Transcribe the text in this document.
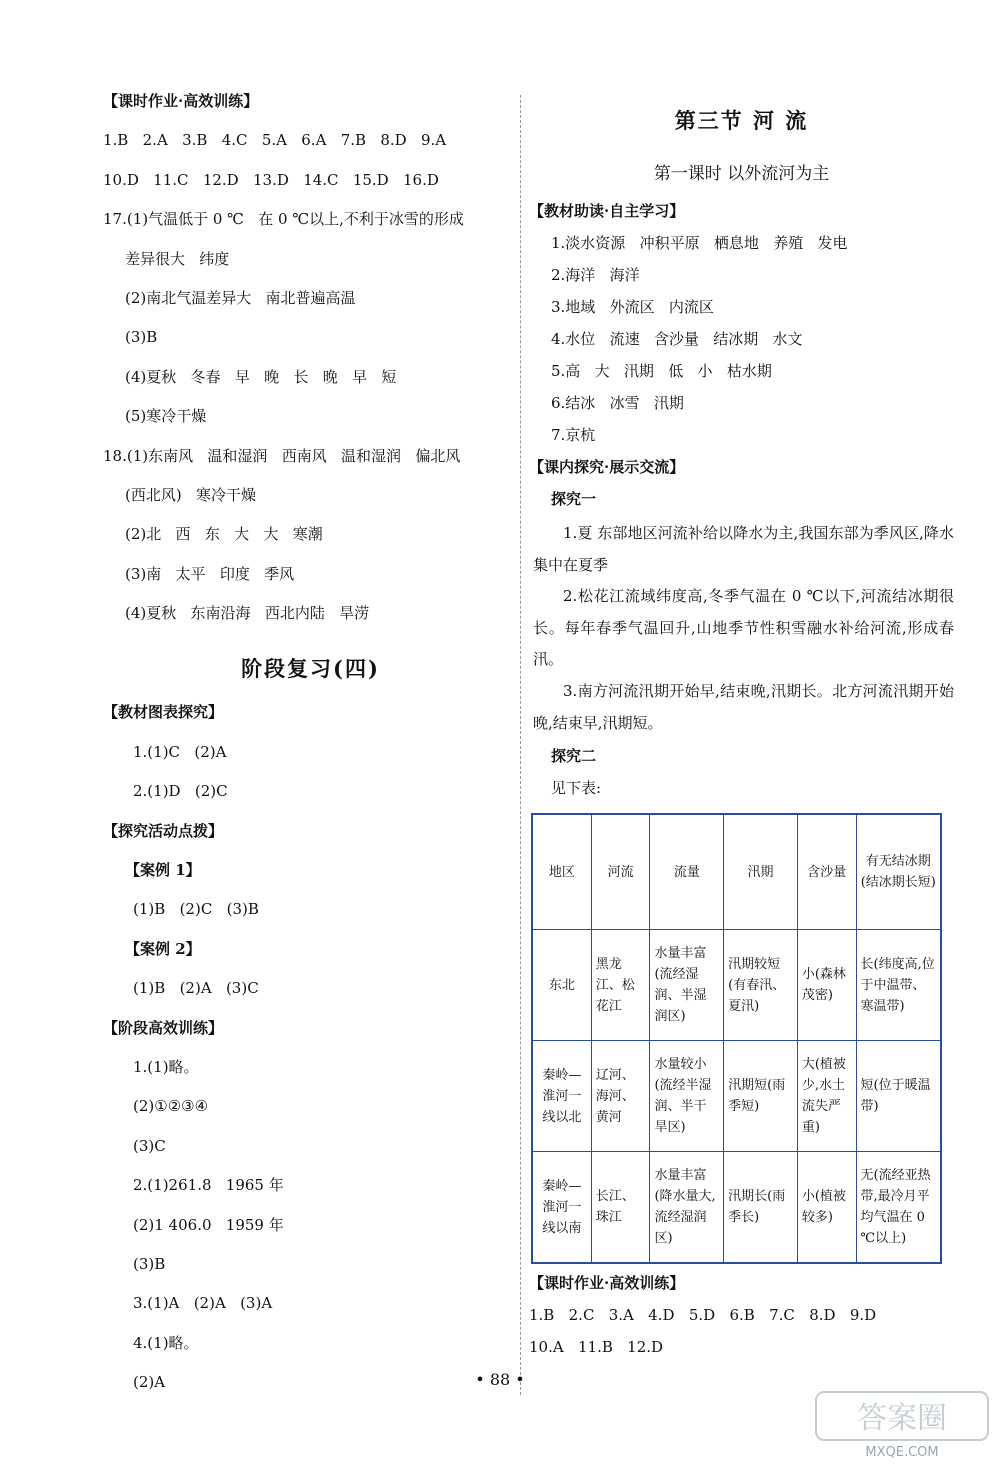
【课时作业·高效训练】
1.B   2.A   3.B   4.C   5.A   6.A   7.B   8.D   9.A
10.D   11.C   12.D   13.D   14.C   15.D   16.D
17.(1)气温低于 0 ℃   在 0 ℃以上,不利于冰雪的形成
差异很大   纬度
(2)南北气温差异大   南北普遍高温
(3)B
(4)夏秋   冬春   早   晚   长   晚   早   短
(5)寒冷干燥
18.(1)东南风   温和湿润   西南风   温和湿润   偏北风
(西北风)   寒冷干燥
(2)北   西   东   大   大   寒潮
(3)南   太平   印度   季风
(4)夏秋   东南沿海   西北内陆   旱涝
阶段复习(四)
【教材图表探究】
1.(1)C   (2)A
2.(1)D   (2)C
【探究活动点拨】
【案例 1】
(1)B   (2)C   (3)B
【案例 2】
(1)B   (2)A   (3)C
【阶段高效训练】
1.(1)略。
(2)①②③④
(3)C
2.(1)261.8   1965 年
(2)1 406.0   1959 年
(3)B
3.(1)A   (2)A   (3)A
4.(1)略。
(2)A
第三节 河 流
第一课时 以外流河为主
【教材助读·自主学习】
1.淡水资源   冲积平原   栖息地   养殖   发电
2.海洋   海洋
3.地域   外流区   内流区
4.水位   流速   含沙量   结冰期   水文
5.高   大   汛期   低   小   枯水期
6.结冰   冰雪   汛期
7.京杭
【课内探究·展示交流】
探究一
1.夏 东部地区河流补给以降水为主,我国东部为季风区,降水集中在夏季
2.松花江流域纬度高,冬季气温在 0 ℃以下,河流结冰期很长。每年春季气温回升,山地季节性积雪融水补给河流,形成春汛。
3.南方河流汛期开始早,结束晚,汛期长。北方河流汛期开始晚,结束早,汛期短。
探究二
见下表:
地区	河流	流量	汛期	含沙量	有无结冰期(结冰期长短)
东北	黑龙江、松花江	水量丰富(流经湿润、半湿润区)	汛期较短(有春汛、夏汛)	小(森林茂密)	长(纬度高,位于中温带、寒温带)
秦岭—淮河一线以北	辽河、海河、黄河	水量较小(流经半湿润、半干旱区)	汛期短(雨季短)	大(植被少,水土流失严重)	短(位于暖温带)
秦岭—淮河一线以南	长江、珠江	水量丰富(降水量大,流经湿润区)	汛期长(雨季长)	小(植被较多)	无(流经亚热带,最冷月平均气温在 0 ℃以上)
【课时作业·高效训练】
1.B   2.C   3.A   4.D   5.D   6.B   7.C   8.D   9.D
10.A   11.B   12.D
• 88 •
答案圈
MXQE.COM
